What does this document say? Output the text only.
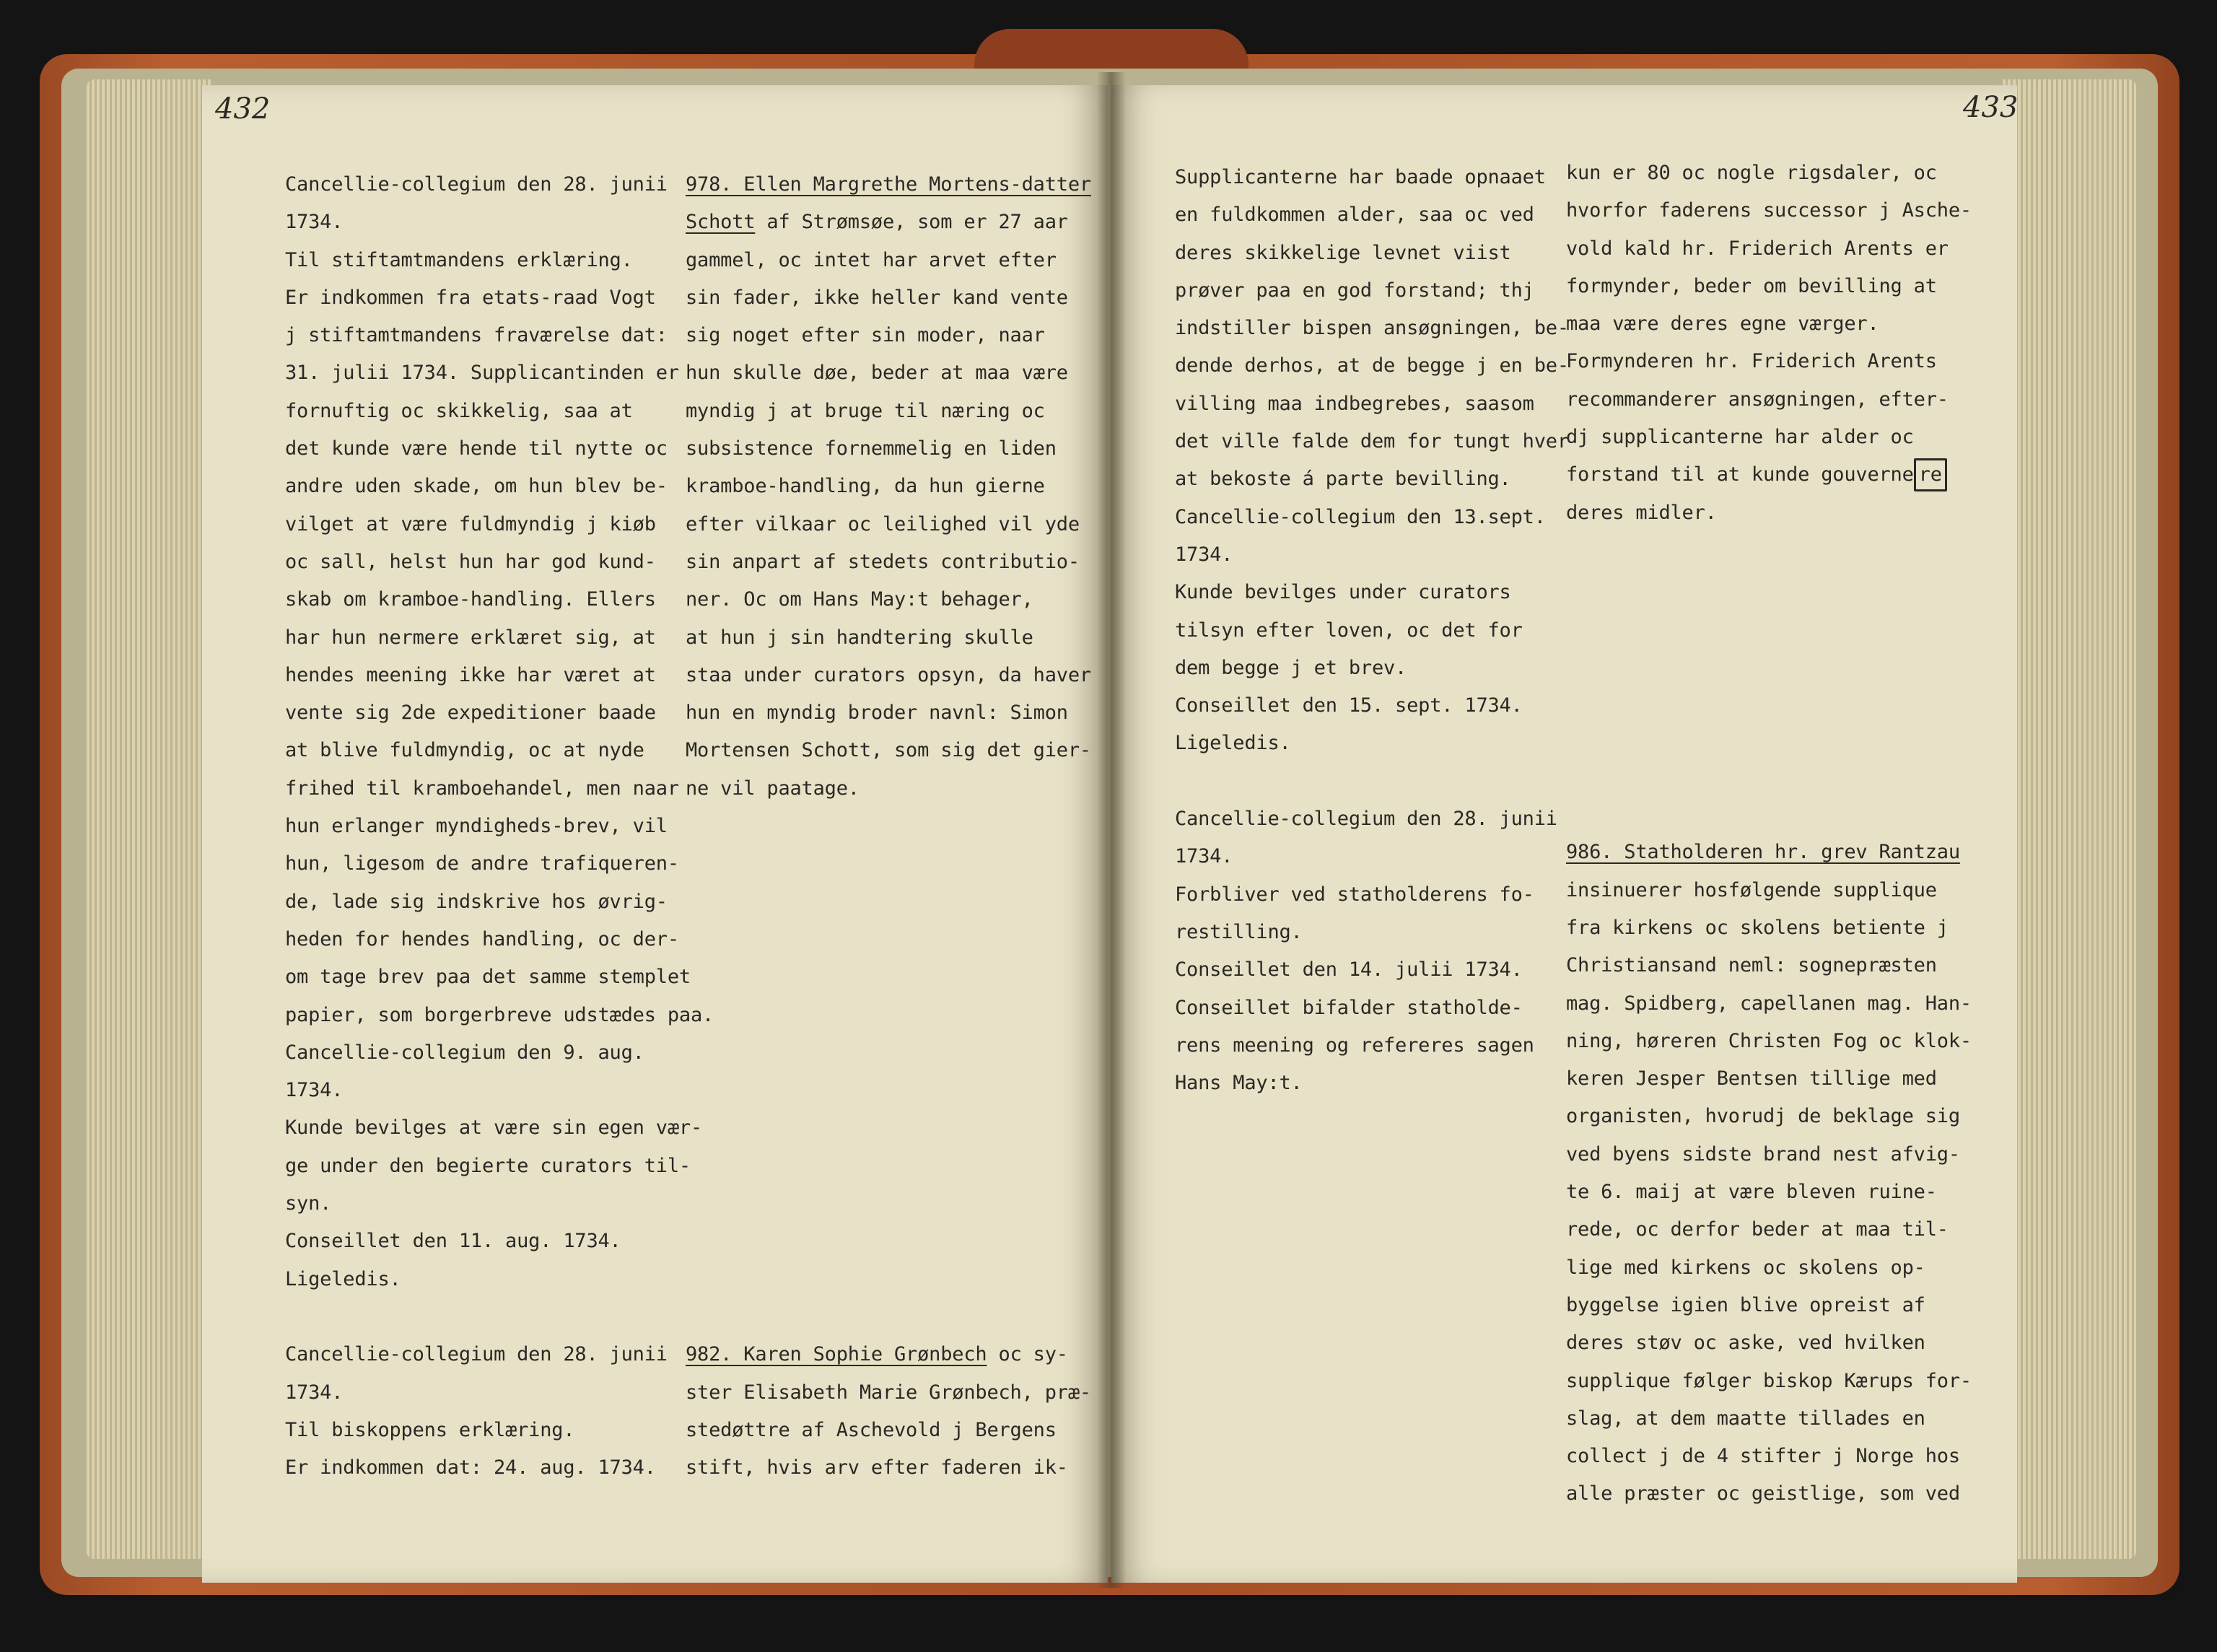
432
Cancellie-collegium den 28. junii
1734.
Til stiftamtmandens erklæring.
Er indkommen fra etats-raad Vogt
j stiftamtmandens fraværelse dat:
31. julii 1734. Supplicantinden er
fornuftig oc skikkelig, saa at
det kunde være hende til nytte oc
andre uden skade, om hun blev be-
vilget at være fuldmyndig j kiøb
oc sall, helst hun har god kund-
skab om kramboe-handling. Ellers
har hun nermere erklæret sig, at
hendes meening ikke har været at
vente sig 2de expeditioner baade
at blive fuldmyndig, oc at nyde
frihed til kramboehandel, men naar
hun erlanger myndigheds-brev, vil
hun, ligesom de andre trafiqueren-
de, lade sig indskrive hos øvrig-
heden for hendes handling, oc der-
om tage brev paa det samme stemplet
papier, som borgerbreve udstædes paa.
Cancellie-collegium den 9. aug.
1734.
Kunde bevilges at være sin egen vær-
ge under den begierte curators til-
syn.
Conseillet den 11. aug. 1734.
Ligeledis.
Cancellie-collegium den 28. junii
1734.
Til biskoppens erklæring.
Er indkommen dat: 24. aug. 1734.
978. Ellen Margrethe Mortens-datter
Schott af Strømsøe, som er 27 aar
gammel, oc intet har arvet efter
sin fader, ikke heller kand vente
sig noget efter sin moder, naar
hun skulle døe, beder at maa være
myndig j at bruge til næring oc
subsistence fornemmelig en liden
kramboe-handling, da hun gierne
efter vilkaar oc leilighed vil yde
sin anpart af stedets contributio-
ner. Oc om Hans May:t behager,
at hun j sin handtering skulle
staa under curators opsyn, da haver
hun en myndig broder navnl: Simon
Mortensen Schott, som sig det gier-
ne vil paatage.
982. Karen Sophie Grønbech oc sy-
ster Elisabeth Marie Grønbech, præ-
stedøttre af Aschevold j Bergens
stift, hvis arv efter faderen ik-
433
Supplicanterne har baade opnaaet
en fuldkommen alder, saa oc ved
deres skikkelige levnet viist
prøver paa en god forstand; thj
indstiller bispen ansøgningen, be-
dende derhos, at de begge j en be-
villing maa indbegrebes, saasom
det ville falde dem for tungt hver
at bekoste á parte bevilling.
Cancellie-collegium den 13.sept.
1734.
Kunde bevilges under curators
tilsyn efter loven, oc det for
dem begge j et brev.
Conseillet den 15. sept. 1734.
Ligeledis.
Cancellie-collegium den 28. junii
1734.
Forbliver ved statholderens fo-
restilling.
Conseillet den 14. julii 1734.
Conseillet bifalder statholde-
rens meening og refereres sagen
Hans May:t.
kun er 80 oc nogle rigsdaler, oc
hvorfor faderens successor j Asche-
vold kald hr. Friderich Arents er
formynder, beder om bevilling at
maa være deres egne værger.
Formynderen hr. Friderich Arents
recommanderer ansøgningen, efter-
dj supplicanterne har alder oc
forstand til at kunde gouverne re
deres midler.
986. Statholderen hr. grev Rantzau
insinuerer hosfølgende supplique
fra kirkens oc skolens betiente j
Christiansand neml: sognepræsten
mag. Spidberg, capellanen mag. Han-
ning, høreren Christen Fog oc klok-
keren Jesper Bentsen tillige med
organisten, hvorudj de beklage sig
ved byens sidste brand nest afvig-
te 6. maij at være bleven ruine-
rede, oc derfor beder at maa til-
lige med kirkens oc skolens op-
byggelse igien blive opreist af
deres støv oc aske, ved hvilken
supplique følger biskop Kærups for-
slag, at dem maatte tillades en
collect j de 4 stifter j Norge hos
alle præster oc geistlige, som ved
